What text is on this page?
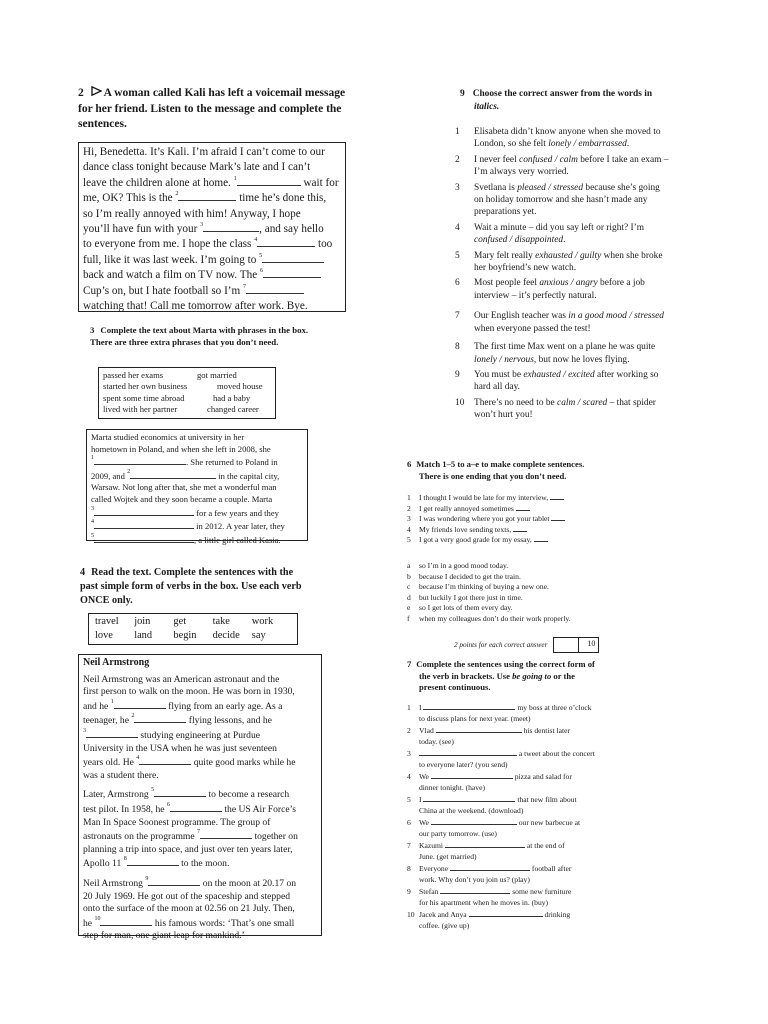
2 A woman called Kali has left a voicemail message for her friend. Listen to the message and complete the sentences.
Hi, Benedetta. It’s Kali. I’m afraid I can’t come to our
dance class tonight because Mark’s late and I can’t
leave the children alone at home. $^1$	wait for
me, OK? This is the $^2$	time he’s done this,
so I’m really annoyed with him! Anyway, I hope
you’ll have fun with your $^3$	, and say hello
to everyone from me. I hope the class $^4$	too
full, like it was last week. I’m going to $^5$
back and watch a film on TV now. The $^6$
Cup’s on, but I hate football so I’m $^7$
watching that! Call me tomorrow after work. Bye.
3 Complete the text about Marta with phrases in the box. There are three extra phrases that you don’t need.
passed her exams	got married
started her own business	moved house
spent some time abroad	had a baby
lived with her partner	changed career
Marta studied economics at university in her
hometown in Poland, and when she left in 2008, she
$^1$	. She returned to Poland in
2009, and $^2$	in the capital city,
Warsaw. Not long after that, she met a wonderful man
called Wojtek and they soon became a couple. Marta
$^3$	for a few years and they
$^4$	in 2012. A year later, they
$^5$	, a little girl called Kasia.
4 Read the text. Complete the sentences with the past simple form of verbs in the box. Use each verb ONCE only.
travel	join	get	take	work
love	land	begin	decide	say
Neil Armstrong
Neil Armstrong was an American astronaut and the
first person to walk on the moon. He was born in 1930,
and he $^1$	flying from an early age. As a
teenager, he $^2$	flying lessons, and he
$^3$	studying engineering at Purdue
University in the USA when he was just seventeen
years old. He $^4$	quite good marks while he
was a student there.
Later, Armstrong $^5$	to become a research
test pilot. In 1958, he $^6$	the US Air Force’s
Man In Space Soonest programme. The group of
astronauts on the programme $^7$	together on
planning a trip into space, and just over ten years later,
Apollo 11 $^8$	to the moon.
Neil Armstrong $^9$	on the moon at 20.17 on
20 July 1969. He got out of the spaceship and stepped
onto the surface of the moon at 02.56 on 21 July. Then,
he $^{10}$	his famous words: ‘That’s one small
step for man, one giant leap for mankind.’
9 Choose the correct answer from the words in
italics.
1	Elisabeta didn’t know anyone when she moved to
London, so she felt lonely / embarrassed.
2	I never feel confused / calm before I take an exam –
I’m always very worried.
3	Svetlana is pleased / stressed because she’s going
on holiday tomorrow and she hasn’t made any
preparations yet.
4	Wait a minute – did you say left or right? I’m
confused / disappointed.
5	Mary felt really exhausted / guilty when she broke
her boyfriend’s new watch.
6	Most people feel anxious / angry before a job
interview – it’s perfectly natural.
7	Our English teacher was in a good mood / stressed
when everyone passed the test!
8	The first time Max went on a plane he was quite
lonely / nervous, but now he loves flying.
9	You must be exhausted / excited after working so
hard all day.
10	There’s no need to be calm / scared – that spider
won’t hurt you!
6 Match 1–5 to a–e to make complete sentences.
There is one ending that you don’t need.
1	I thought I would be late for my interview,
2	I get really annoyed sometimes
3	I was wondering where you got your tablet
4	My friends love sending texts,
5	I got a very good grade for my essay,
a	so I’m in a good mood today.
b	because I decided to get the train.
c	because I’m thinking of buying a new one.
d	but luckily I got there just in time.
e	so I get lots of them every day.
f	when my colleagues don’t do their work properly.
2 points for each correct answer	10
7 Complete the sentences using the correct form of
the verb in brackets. Use be going to or the
present continuous.
1	I	my boss at three o’clock
to discuss plans for next year. (meet)
2	Vlad	his dentist later
today. (see)
3	a tweet about the concert
to everyone later? (you send)
4	We	pizza and salad for
dinner tonight. (have)
5	I	that new film about
China at the weekend. (download)
6	We	our new barbecue at
our party tomorrow. (use)
7	Kazumi	at the end of
June. (get married)
8	Everyone	football after
work. Why don’t you join us? (play)
9	Stefan	some new furniture
for his apartment when he moves in. (buy)
10 Jacek and Anya	drinking
coffee. (give up)
